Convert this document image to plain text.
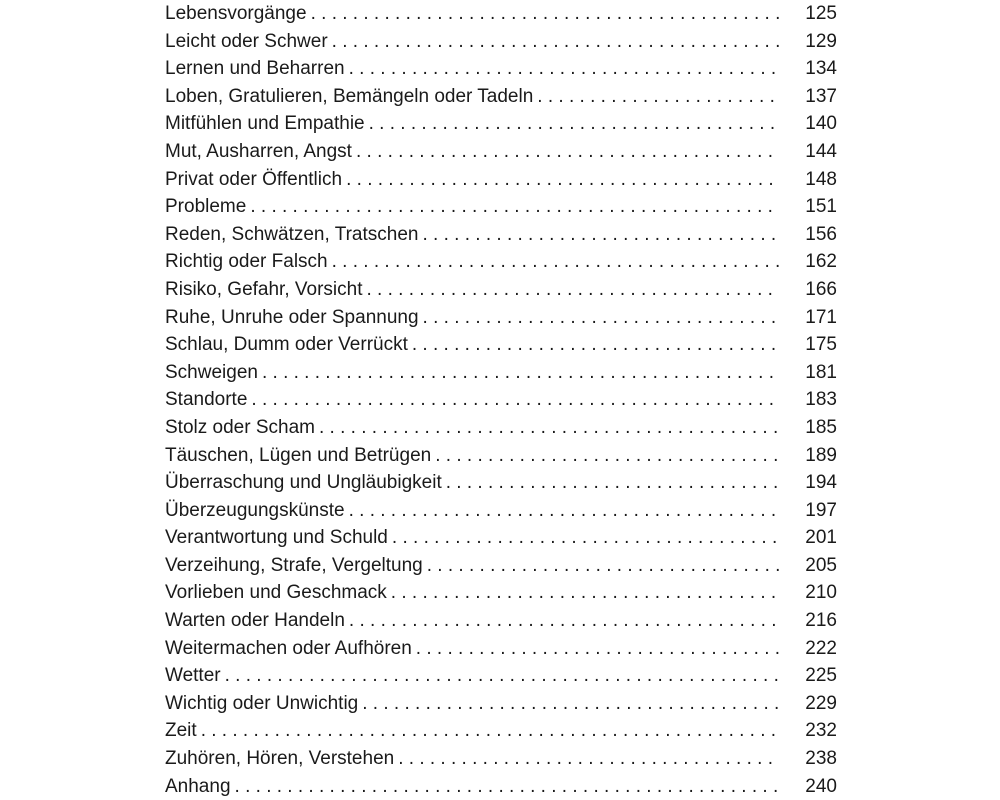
Lebensvorgänge . . .	125
Leicht oder Schwer . . .	129
Lernen und Beharren . . .	134
Loben, Gratulieren, Bemängeln oder Tadeln . . .	137
Mitfühlen und Empathie . . .	140
Mut, Ausharren, Angst . . .	144
Privat oder Öffentlich . . .	148
Probleme . . .	151
Reden, Schwätzen, Tratschen . . .	156
Richtig oder Falsch . . .	162
Risiko, Gefahr, Vorsicht . . .	166
Ruhe, Unruhe oder Spannung . . .	171
Schlau, Dumm oder Verrückt . . .	175
Schweigen . . .	181
Standorte . . .	183
Stolz oder Scham . . .	185
Täuschen, Lügen und Betrügen . . .	189
Überraschung und Ungläubigkeit . . .	194
Überzeugungskünste . . .	197
Verantwortung und Schuld . . .	201
Verzeihung, Strafe, Vergeltung . . .	205
Vorlieben und Geschmack . . .	210
Warten oder Handeln . . .	216
Weitermachen oder Aufhören . . .	222
Wetter . . .	225
Wichtig oder Unwichtig . . .	229
Zeit . . .	232
Zuhören, Hören, Verstehen . . .	238
Anhang . . .	240
